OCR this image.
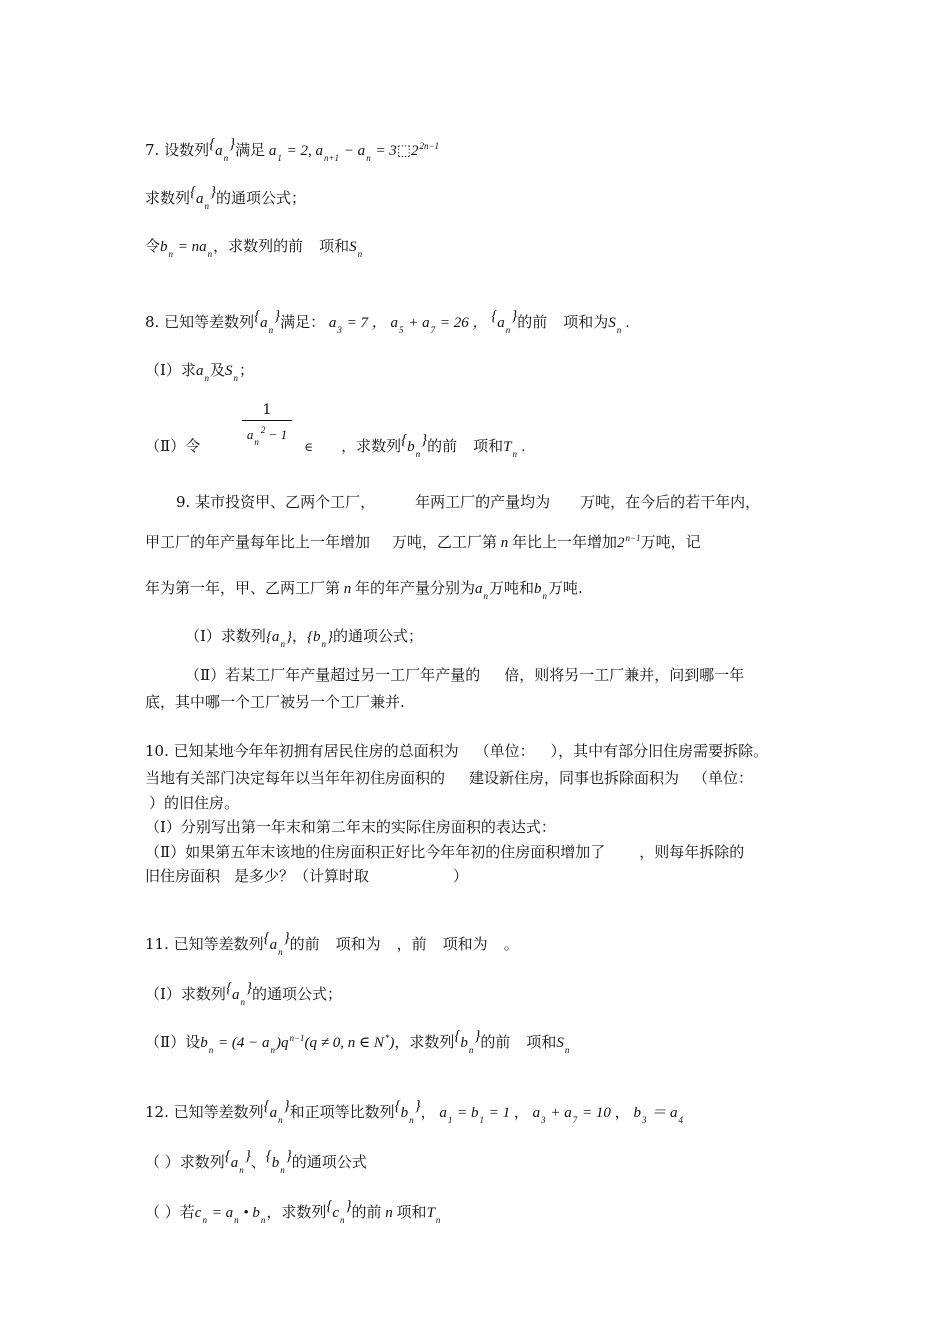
7. 设数列$\{a_n\}$满足 $a_1 = 2$, $a_{n+1} - a_n$ = $3⬚2^{2n-1}$
求数列$\{a_n\}$的通项公式；
令$b_n = na_n$，求数列的前 项和$S_n$
8. 已知等差数列$\{a_n\}$满足： $a_3 = 7$ ， $a_5 + a_7 = 26$ ， $\{a_n\}$的前 项和为$S_n$ .
（Ⅰ）求$a_n$及$S_n$；
$\frac{1}{a_n^2 - 1}$
（Ⅱ）令	∈ ，求数列$\{b_n\}$的前 项和$T_n$ .
9. 某市投资甲、乙两个工厂，	年两工厂的产量均为 万吨，在今后的若干年内，
甲工厂的年产量每年比上一年增加 万吨，乙工厂第 n 年比上一年增加$2^{n-1}$万吨，记
年为第一年，甲、乙两工厂第 n 年的年产量分别为$a_n$万吨和$b_n$万吨.
（Ⅰ）求数列$\{a_n\}$，$\{b_n\}$的通项公式；
（Ⅱ）若某工厂年产量超过另一工厂年产量的 倍，则将另一工厂兼并，问到哪一年
底，其中哪一个工厂被另一个工厂兼并.
10. 已知某地今年年初拥有居民住房的总面积为 （单位： ），其中有部分旧住房需要拆除。
当地有关部门决定每年以当年年初住房面积的 建设新住房，同事也拆除面积为 （单位：
）的旧住房。
（Ⅰ）分别写出第一年末和第二年末的实际住房面积的表达式：
（Ⅱ）如果第五年末该地的住房面积正好比今年年初的住房面积增加了 ，则每年拆除的
旧住房面积 是多少？（计算时取	）
11. 已知等差数列$\{a_n\}$的前 项和为 ，前 项和为 。
（Ⅰ）求数列$\{a_n\}$的通项公式；
（Ⅱ）设$b_n = (4 - a_n)q^{n-1}(q \ne 0$, n ∈ N*)，求数列$\{b_n\}$的前 项和$S_n$
12. 已知等差数列$\{a_n\}$和正项等比数列$\{b_n\}$， $a_1 = b_1 = 1$ ， $a_3 + a_7 = 10$ ， $b_3 = a_4$
（ ）求数列$\{a_n\}$、$\{b_n\}$的通项公式
（ ）若$c_n = a_n$ • $b_n$，求数列$\{c_n\}$的前 n 项和$T_n$
